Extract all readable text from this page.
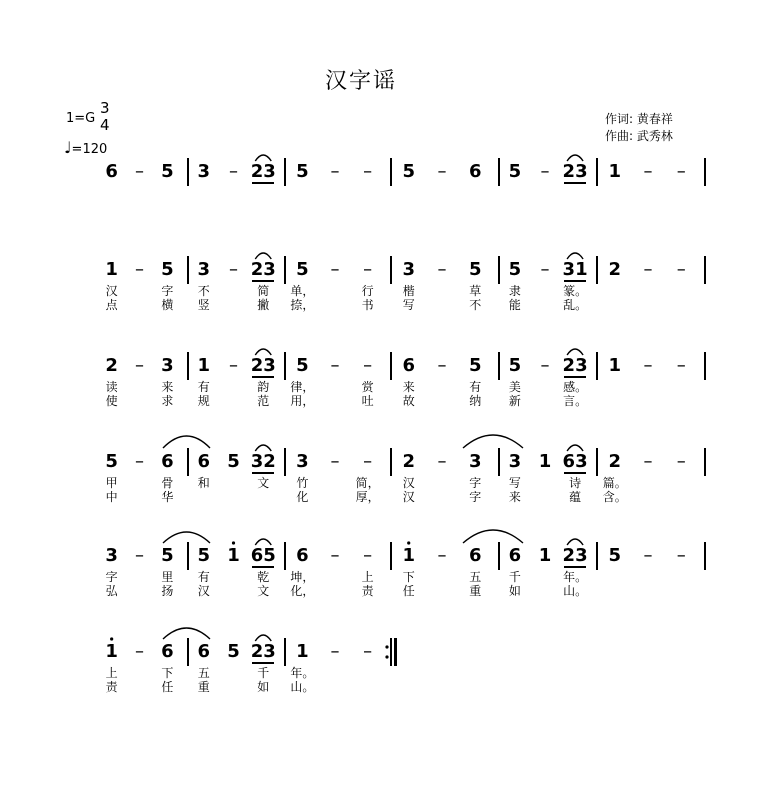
汉字谣
1=G
3
4
♩=120
作词: 黄春祥
作曲: 武秀林
6 – 5 3 – 23 5 – – 5 – 6 5 – 23 1 – –
1 – 5 3 – 23 5 – – 3 – 5 5 – 31 2 – –
汉	字 不	简 单，	行 楷	草 隶	篆。
点	横 竖	撇 捺，	书 写	不 能	乱。
2 – 3 1 – 23 5 – – 6 – 5 5 – 23 1 – –
读	来 有	韵 律，	赏 来	有 美	感。
使	求 规	范 用，	吐 故	纳 新	言。
5 – 6 6 5 32 3 – – 2 – 3 3 1 63 2 – –
甲	骨 和	文 竹	简， 汉	字 写	诗 篇。
中	华	化	厚， 汉	字 来	蕴 含。
3 – 5 5 1 65 6 – – 1 – 6 6 1 23 5 – –
字	里 有	乾 坤，	上 下	五 千	年。
弘	扬 汉	文 化，	责 任	重 如	山。
1 – 6 6 5 23 1 – –
上	下 五	千 年。
责	任 重	如 山。
